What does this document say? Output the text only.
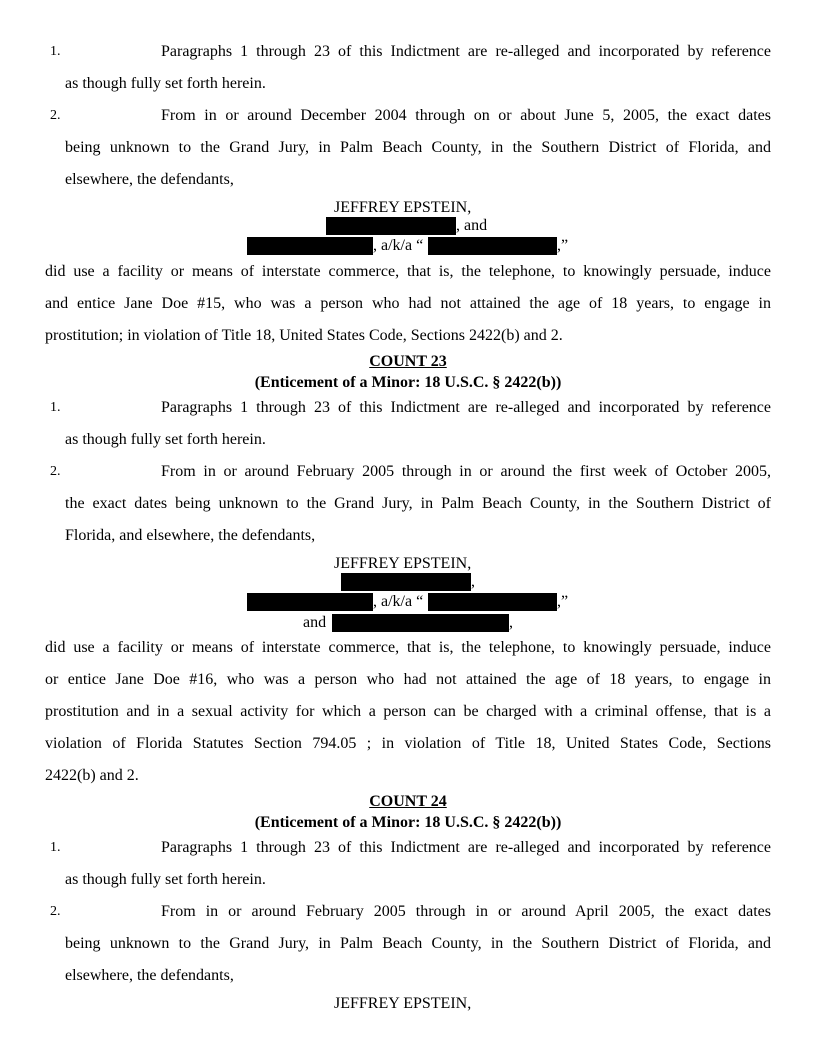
1.	Paragraphs 1 through 23 of this Indictment are re-alleged and incorporated by reference
as though fully set forth herein.
2.	From in or around December 2004 through on or about June 5, 2005, the exact dates
being unknown to the Grand Jury, in Palm Beach County, in the Southern District of Florida, and
elsewhere, the defendants,
JEFFREY EPSTEIN,
, and
, a/k/a “	,”
did use a facility or means of interstate commerce, that is, the telephone, to knowingly persuade, induce
and entice Jane Doe #15, who was a person who had not attained the age of 18 years, to engage in
prostitution; in violation of Title 18, United States Code, Sections 2422(b) and 2.
COUNT 23
(Enticement of a Minor: 18 U.S.C. § 2422(b))
1.	Paragraphs 1 through 23 of this Indictment are re-alleged and incorporated by reference
as though fully set forth herein.
2.	From in or around February 2005 through in or around the first week of October 2005,
the exact dates being unknown to the Grand Jury, in Palm Beach County, in the Southern District of
Florida, and elsewhere, the defendants,
JEFFREY EPSTEIN,
,
, a/k/a “	,”
and	,
did use a facility or means of interstate commerce, that is, the telephone, to knowingly persuade, induce
or entice Jane Doe #16, who was a person who had not attained the age of 18 years, to engage in
prostitution and in a sexual activity for which a person can be charged with a criminal offense, that is a
violation of Florida Statutes Section 794.05 ; in violation of Title 18, United States Code, Sections
2422(b) and 2.
COUNT 24
(Enticement of a Minor: 18 U.S.C. § 2422(b))
1.	Paragraphs 1 through 23 of this Indictment are re-alleged and incorporated by reference
as though fully set forth herein.
2.	From in or around February 2005 through in or around April 2005, the exact dates
being unknown to the Grand Jury, in Palm Beach County, in the Southern District of Florida, and
elsewhere, the defendants,
JEFFREY EPSTEIN,
